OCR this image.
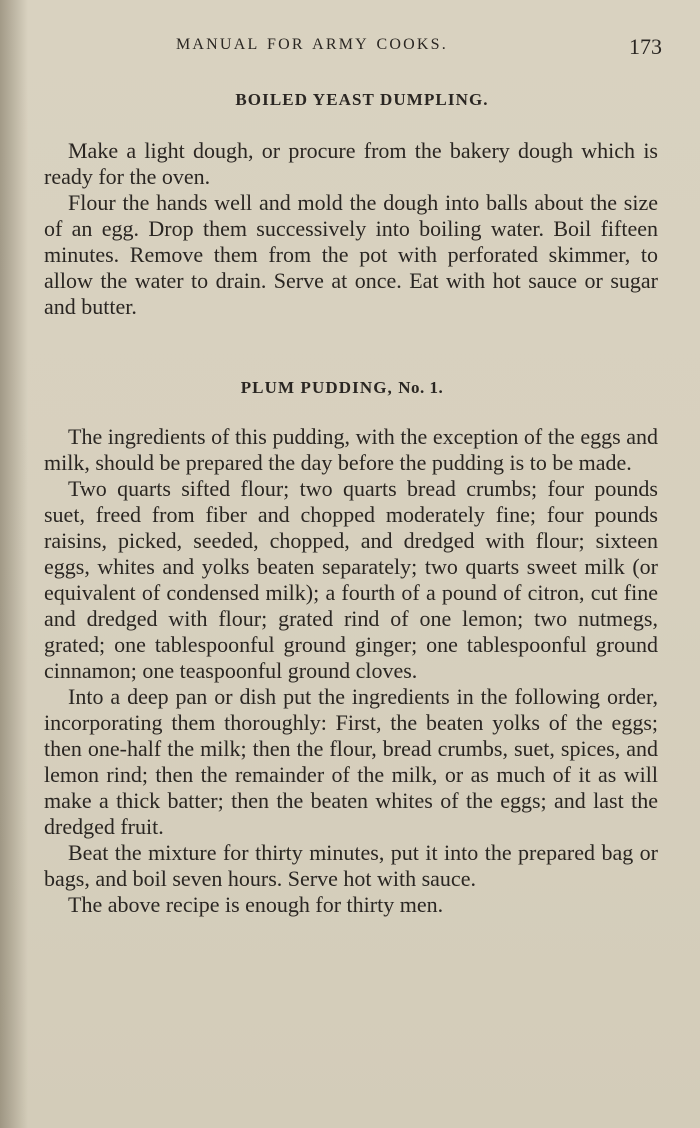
MANUAL FOR ARMY COOKS.	173
BOILED YEAST DUMPLING.

Make a light dough, or procure from the bakery dough which is ready for the oven.

Flour the hands well and mold the dough into balls about the size of an egg. Drop them successively into boiling water. Boil fifteen minutes. Remove them from the pot with perforated skimmer, to allow the water to drain. Serve at once. Eat with hot sauce or sugar and butter.

PLUM PUDDING, No. 1.

The ingredients of this pudding, with the exception of the eggs and milk, should be prepared the day before the pudding is to be made.

Two quarts sifted flour; two quarts bread crumbs; four pounds suet, freed from fiber and chopped moderately fine; four pounds raisins, picked, seeded, chopped, and dredged with flour; sixteen eggs, whites and yolks beaten separately; two quarts sweet milk (or equivalent of condensed milk); a fourth of a pound of citron, cut fine and dredged with flour; grated rind of one lemon; two nutmegs, grated; one tablespoonful ground ginger; one tablespoonful ground cinnamon; one teaspoonful ground cloves.

Into a deep pan or dish put the ingredients in the following order, incorporating them thoroughly: First, the beaten yolks of the eggs; then one-half the milk; then the flour, bread crumbs, suet, spices, and lemon rind; then the remainder of the milk, or as much of it as will make a thick batter; then the beaten whites of the eggs; and last the dredged fruit.

Beat the mixture for thirty minutes, put it into the prepared bag or bags, and boil seven hours. Serve hot with sauce.

The above recipe is enough for thirty men.
